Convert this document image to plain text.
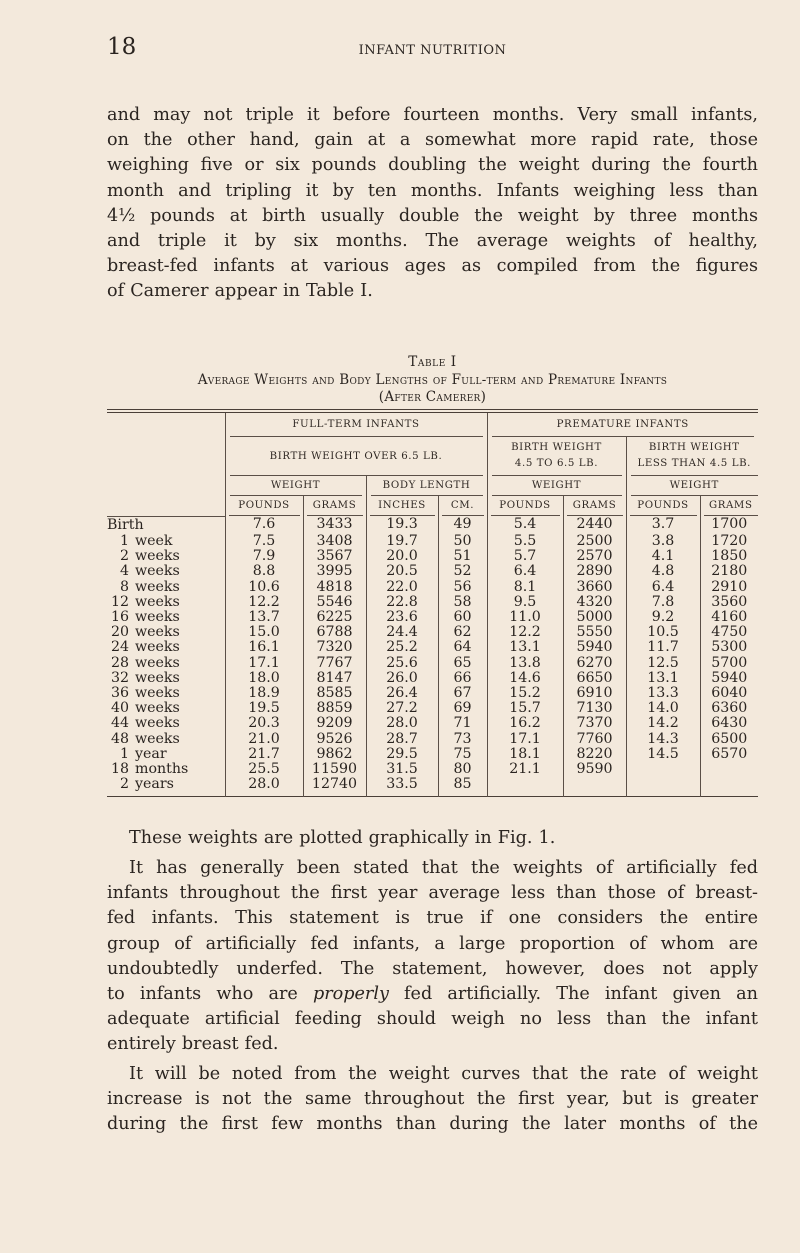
18	INFANT NUTRITION
and may not triple it before fourteen months. Very small infants,
on the other hand, gain at a somewhat more rapid rate, those
weighing five or six pounds doubling the weight during the fourth
month and tripling it by ten months. Infants weighing less than
4½ pounds at birth usually double the weight by three months
and triple it by six months. The average weights of healthy,
breast-fed infants at various ages as compiled from the figures
of Camerer appear in Table I.
Table I
Average Weights and Body Lengths of Full-term and Premature Infants
(After Camerer)

	FULL-TERM INFANTS				PREMATURE INFANTS			

BIRTH WEIGHT OVER 6.5 LB.

BIRTH WEIGHT
4.5 TO 6.5 LB.

BIRTH WEIGHT
LESS THAN 4.5 LB.

	WEIGHT		BODY LENGTH		WEIGHT		WEIGHT	

	POUNDS	GRAMS	INCHES	CM.	POUNDS	GRAMS	POUNDS	GRAMS

Birth	7.6	3433	19.3	49	5.4	2440	3.7	1700
1 week	7.5	3408	19.7	50	5.5	2500	3.8	1720
2 weeks	7.9	3567	20.0	51	5.7	2570	4.1	1850
4 weeks	8.8	3995	20.5	52	6.4	2890	4.8	2180
8 weeks	10.6	4818	22.0	56	8.1	3660	6.4	2910
12 weeks	12.2	5546	22.8	58	9.5	4320	7.8	3560
16 weeks	13.7	6225	23.6	60	11.0	5000	9.2	4160
20 weeks	15.0	6788	24.4	62	12.2	5550	10.5	4750
24 weeks	16.1	7320	25.2	64	13.1	5940	11.7	5300
28 weeks	17.1	7767	25.6	65	13.8	6270	12.5	5700
32 weeks	18.0	8147	26.0	66	14.6	6650	13.1	5940
36 weeks	18.9	8585	26.4	67	15.2	6910	13.3	6040
40 weeks	19.5	8859	27.2	69	15.7	7130	14.0	6360
44 weeks	20.3	9209	28.0	71	16.2	7370	14.2	6430
48 weeks	21.0	9526	28.7	73	17.1	7760	14.3	6500
1 year	21.7	9862	29.5	75	18.1	8220	14.5	6570
18 months	25.5	11590	31.5	80	21.1	9590		
2 years	28.0	12740	33.5	85				

These weights are plotted graphically in Fig. 1.
It has generally been stated that the weights of artificially fed
infants throughout the first year average less than those of breast-
fed infants. This statement is true if one considers the entire
group of artificially fed infants, a large proportion of whom are
undoubtedly underfed. The statement, however, does not apply
to infants who are properly fed artificially. The infant given an
adequate artificial feeding should weigh no less than the infant
entirely breast fed.
It will be noted from the weight curves that the rate of weight
increase is not the same throughout the first year, but is greater
during the first few months than during the later months of the
